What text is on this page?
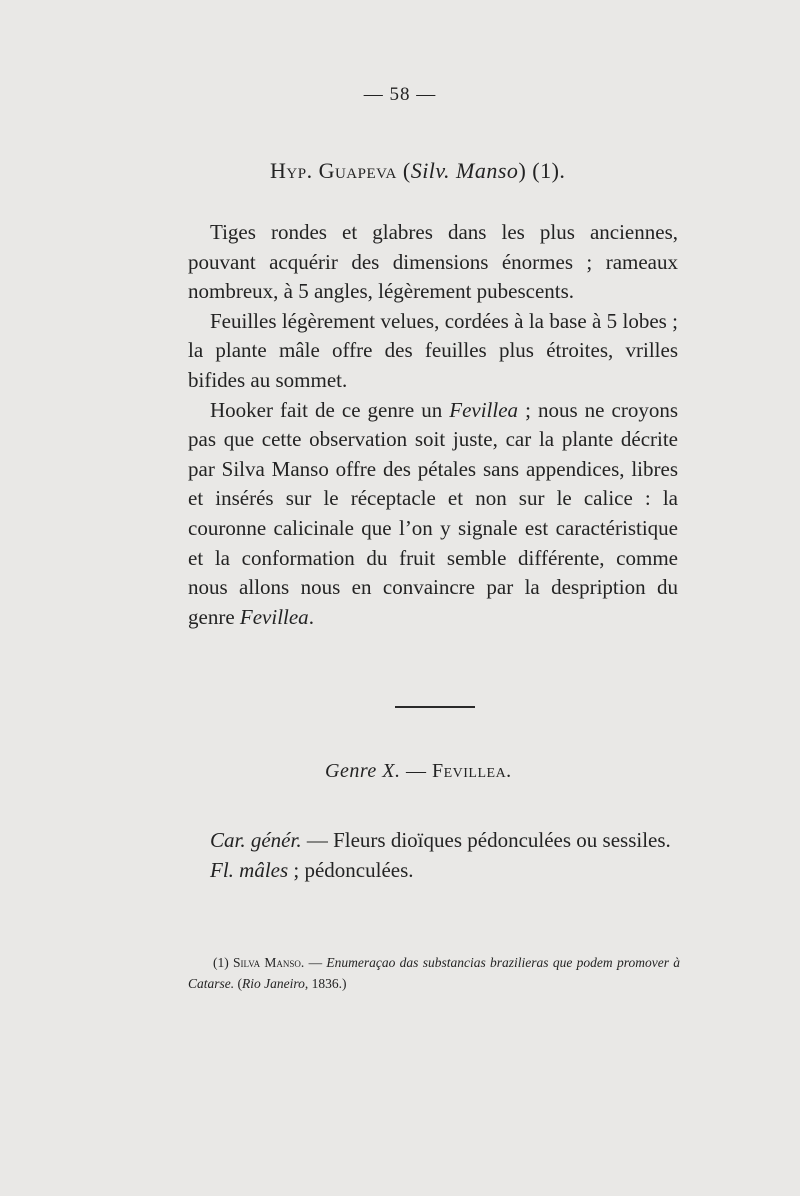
— 58 —
Hyp. Guapeva (Silv. Manso) (1).

Tiges rondes et glabres dans les plus anciennes, pouvant acquérir des dimensions énormes ; rameaux nombreux, à 5 angles, légèrement pubescents.

Feuilles légèrement velues, cordées à la base à 5 lobes ; la plante mâle offre des feuilles plus étroites, vrilles bifides au sommet.

Hooker fait de ce genre un Fevillea ; nous ne croyons pas que cette observation soit juste, car la plante décrite par Silva Manso offre des pétales sans appendices, libres et insérés sur le réceptacle et non sur le calice : la couronne calicinale que l’on y signale est caractéristique et la conformation du fruit semble différente, comme nous allons nous en convaincre par la despription du genre Fevillea.

Genre X. — Fevillea.

Car. génér. — Fleurs dioïques pédonculées ou sessiles.

Fl. mâles ; pédonculées.

(1) Silva Manso. — Enumeraçao das substancias brazilieras que podem promover à Catarse. (Rio Janeiro, 1836.)
